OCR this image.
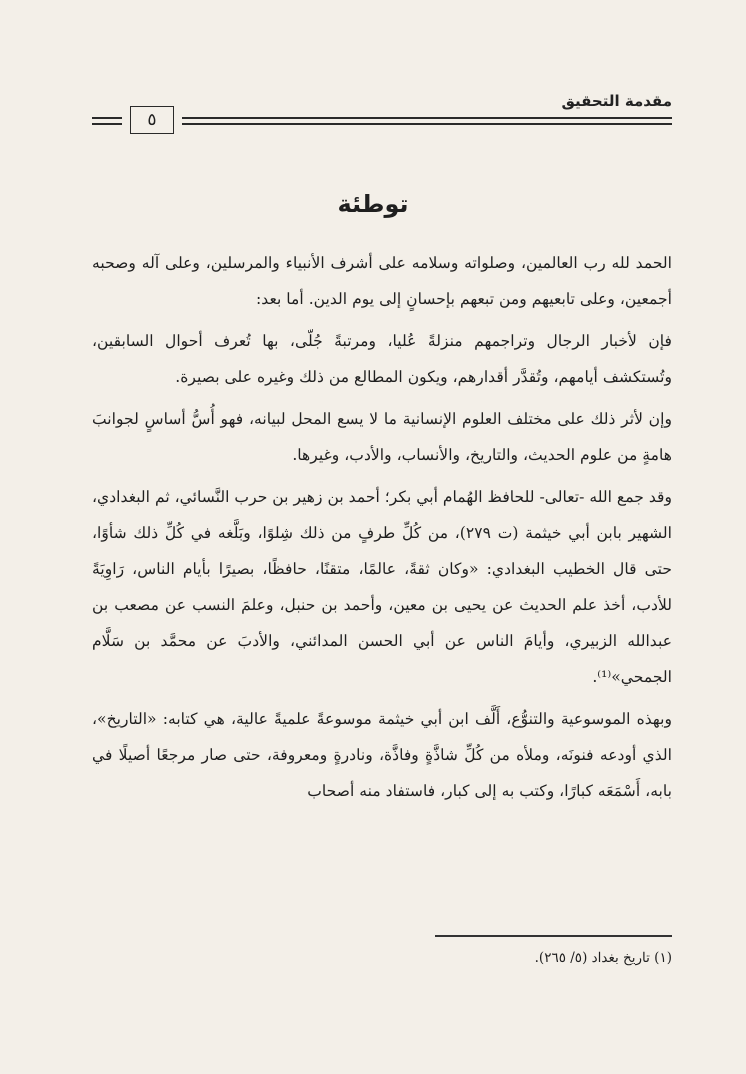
مقدمة التحقيق
٥
توطئة

الحمد لله رب العالمين، وصلواته وسلامه على أشرف الأنبياء والمرسلين، وعلى آله وصحبه أجمعين، وعلى تابعيهم ومن تبعهم بإحسانٍ إلى يوم الدين. أما بعد:

فإن لأخبار الرجال وتراجمهم منزلةً عُليا، ومرتبةً جُلّى، بها تُعرف أحوال السابقين، وتُستكشف أيامهم، وتُقدَّر أقدارهم، ويكون المطالع من ذلك وغيره على بصيرة.

وإن لأثر ذلك على مختلف العلوم الإنسانية ما لا يسع المحل لبيانه، فهو أُسُّ أساسٍ لجوانبَ هامةٍ من علوم الحديث، والتاريخ، والأنساب، والأدب، وغيرها.

وقد جمع الله -تعالى- للحافظ الهُمام أبي بكر؛ أحمد بن زهير بن حرب النَّسائي، ثم البغدادي، الشهير بابن أبي خيثمة (ت ٢٧٩)، من كُلِّ طرفٍ من ذلك شِلوًا، وبَلَّغه في كُلِّ ذلك شأوًا، حتى قال الخطيب البغدادي: «وكان ثقةً، عالمًا، متقنًا، حافظًا، بصيرًا بأيام الناس، رَاوِيَةً للأدب، أخذ علم الحديث عن يحيى بن معين، وأحمد بن حنبل، وعلمَ النسب عن مصعب بن عبدالله الزبيري، وأيامَ الناس عن أبي الحسن المدائني، والأدبَ عن محمَّد بن سَلَّام الجمحي»⁽¹⁾.

وبهذه الموسوعية والتنوُّع، أَلَّف ابن أبي خيثمة موسوعةً علميةً عالية، هي كتابه: «التاريخ»، الذي أودعه فنونَه، وملأه من كُلِّ شاذَّةٍ وفاذَّة، ونادرةٍ ومعروفة، حتى صار مرجعًا أصيلًا في بابه، أَسْمَعَه كبارًا، وكتب به إلى كبار، فاستفاد منه أصحاب

(١) تاريخ بغداد (٥/ ٢٦٥).
